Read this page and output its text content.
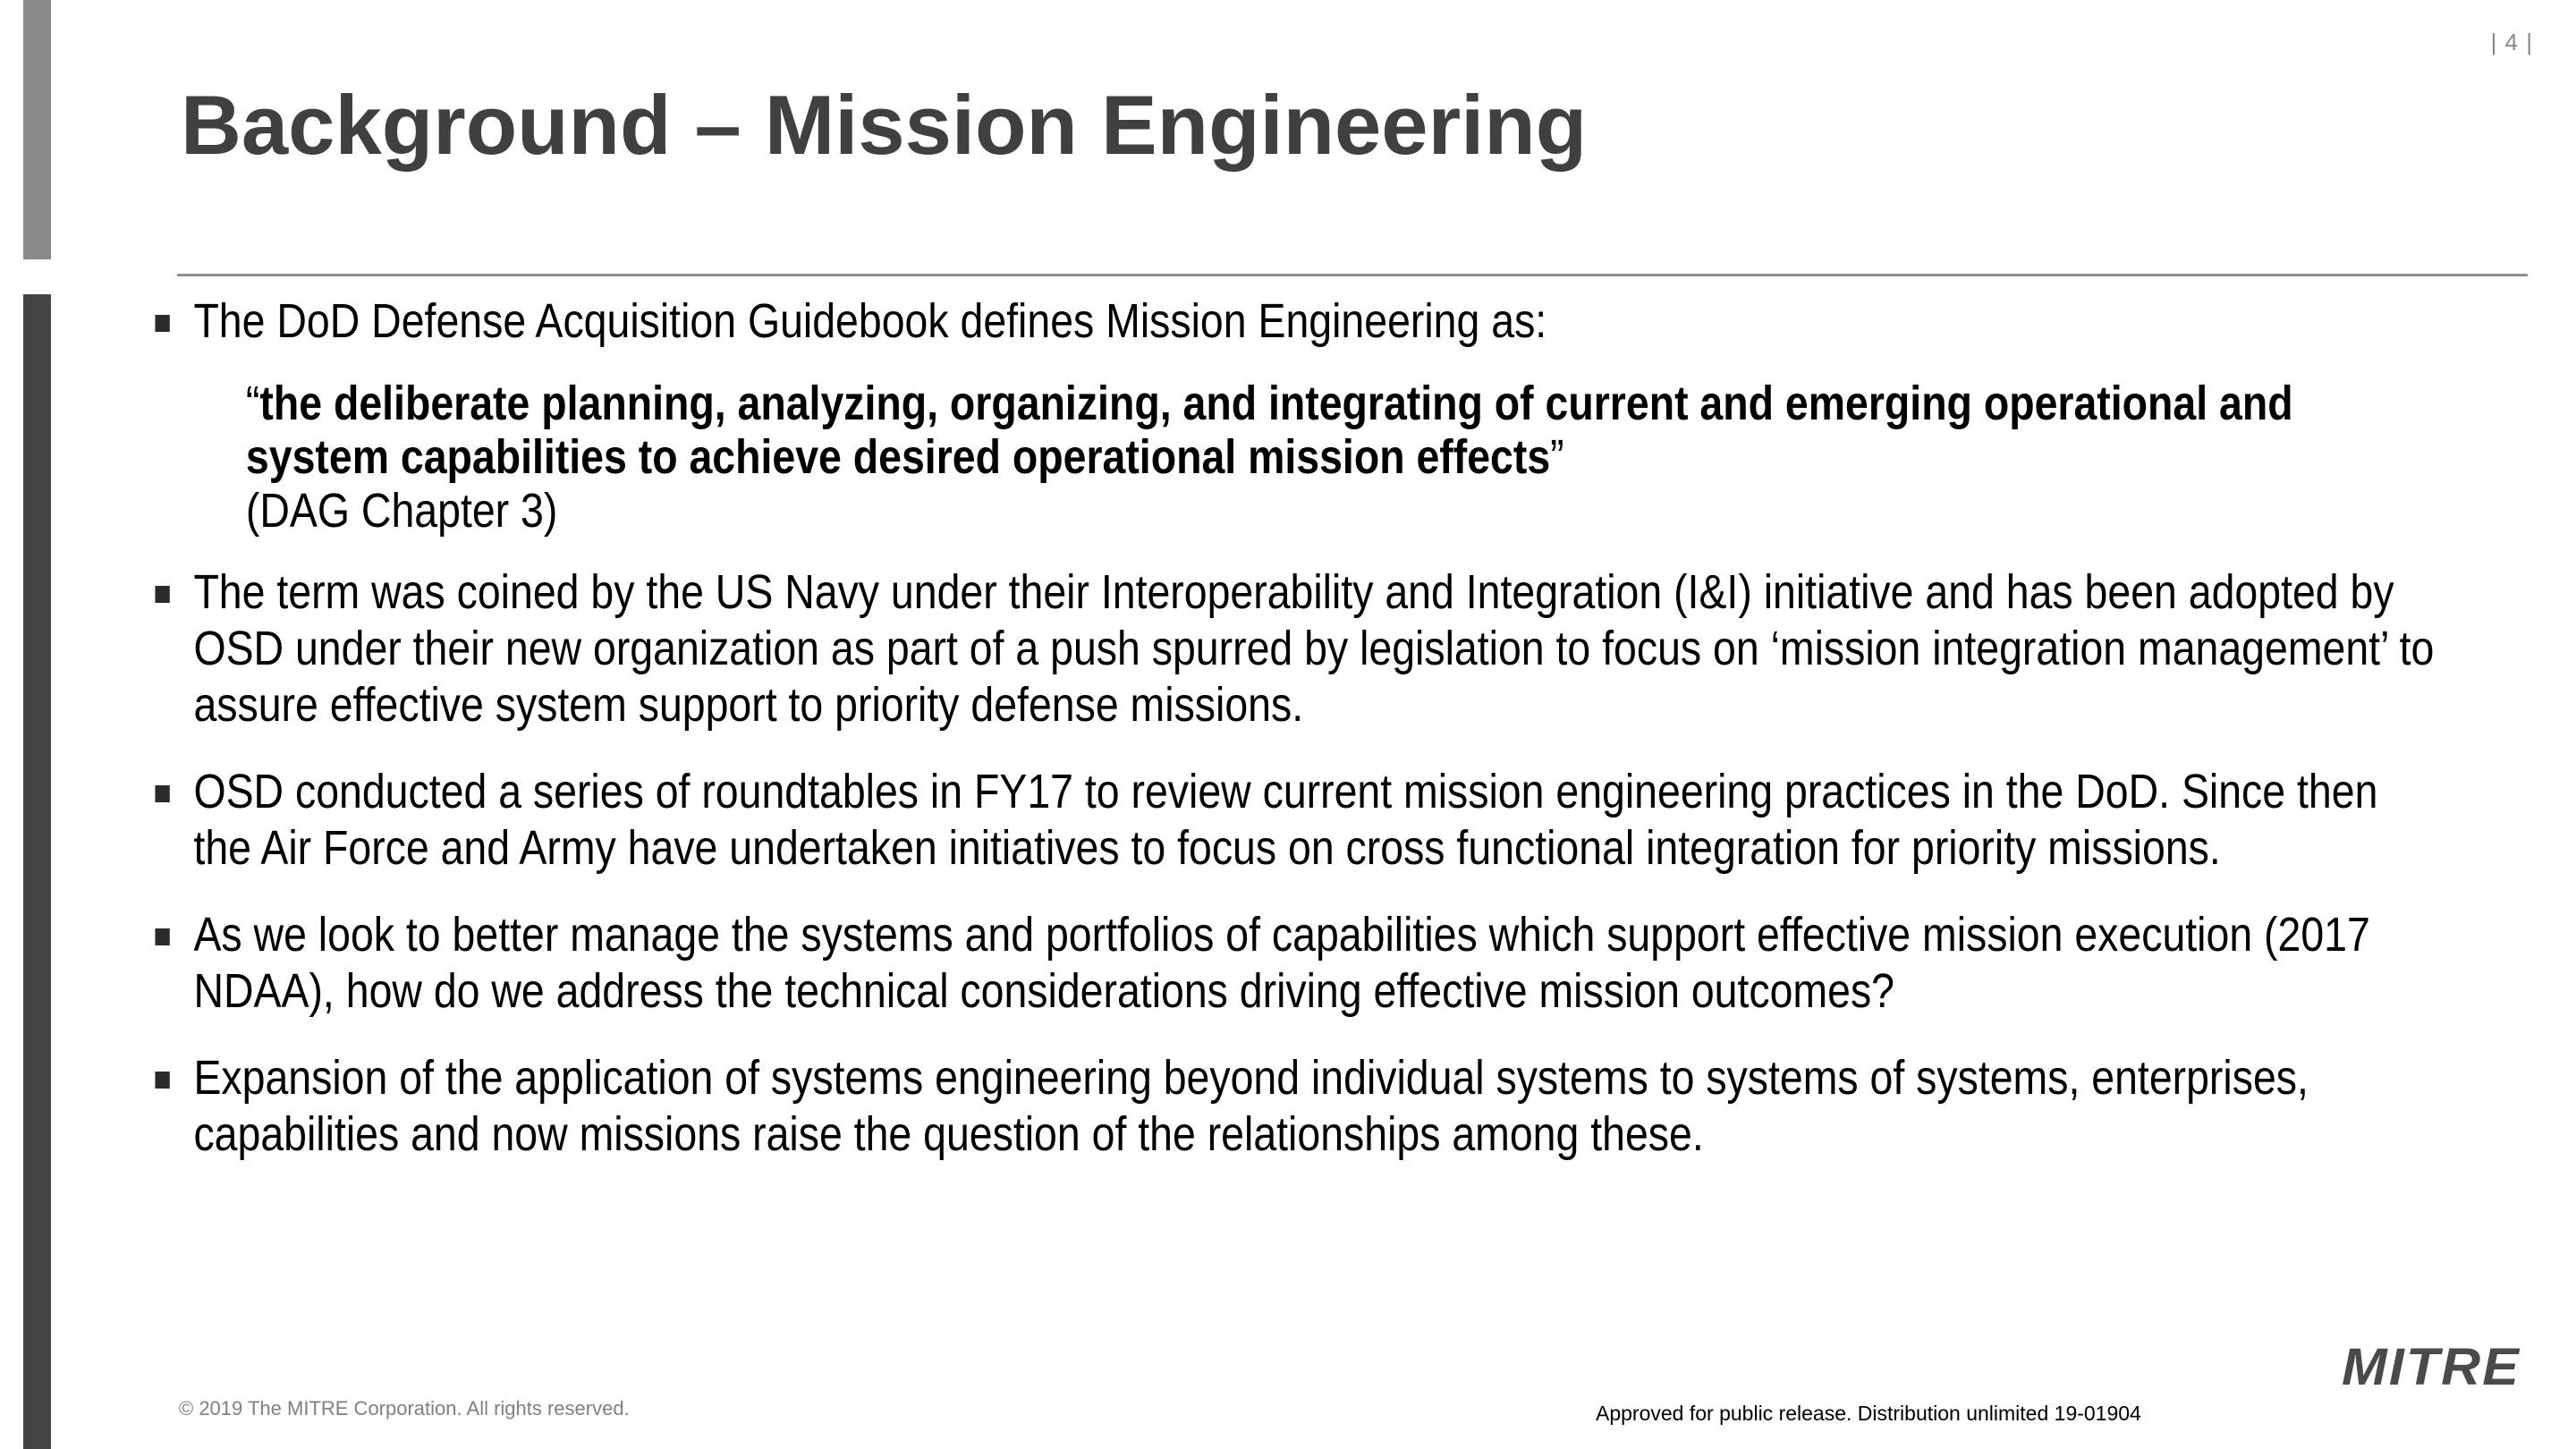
| 4 |
Background – Mission Engineering

The DoD Defense Acquisition Guidebook defines Mission Engineering as:

“the deliberate planning, analyzing, organizing, and integrating of current and emerging operational and system capabilities to achieve desired operational mission effects”
(DAG Chapter 3)

The term was coined by the US Navy under their Interoperability and Integration (I&I) initiative and has been adopted by OSD under their new organization as part of a push spurred by legislation to focus on ‘mission integration management’ to assure effective system support to priority defense missions.

OSD conducted a series of roundtables in FY17 to review current mission engineering practices in the DoD. Since then the Air Force and Army have undertaken initiatives to focus on cross functional integration for priority missions.

As we look to better manage the systems and portfolios of capabilities which support effective mission execution (2017 NDAA), how do we address the technical considerations driving effective mission outcomes?

Expansion of the application of systems engineering beyond individual systems to systems of systems, enterprises, capabilities and now missions raise the question of the relationships among these.

© 2019 The MITRE Corporation. All rights reserved.	Approved for public release. Distribution unlimited 19-01904
MITRE
